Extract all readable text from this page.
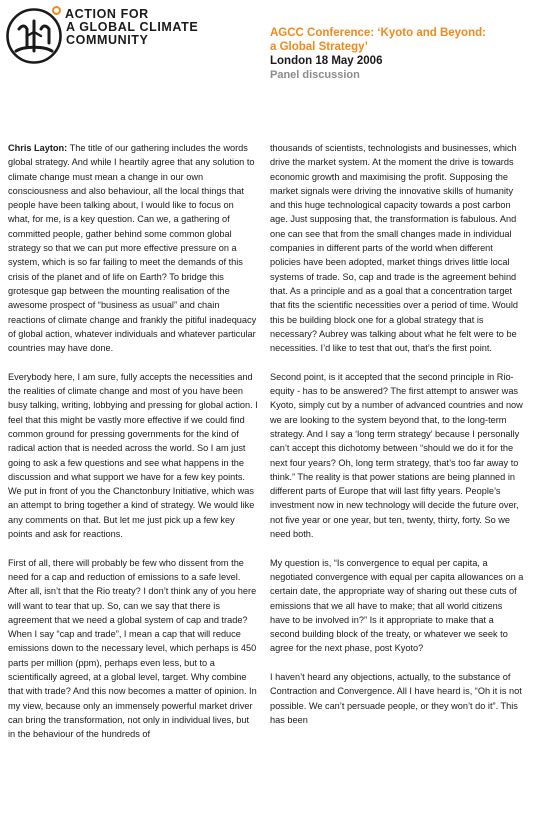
ACTION FOR
A GLOBAL CLIMATE
COMMUNITY	AGCC Conference: ‘Kyoto and Beyond:

a Global Strategy’

London 18 May 2006

Panel discussion

Chris Layton: The title of our gathering includes the words global strategy. And while I heartily agree that any solution to climate change must mean a change in our own consciousness and also behaviour, all the local things that people have been talking about, I would like to focus on what, for me, is a key question. Can we, a gathering of committed people, gather behind some common global strategy so that we can put more effective pressure on a system, which is so far failing to meet the demands of this crisis of the planet and of life on Earth? To bridge this grotesque gap between the mounting realisation of the awesome prospect of “business as usual” and chain reactions of climate change and frankly the pitiful inadequacy of global action, whatever individuals and whatever particular countries may have done.

Everybody here, I am sure, fully accepts the necessities and the realities of climate change and most of you have been busy talking, writing, lobbying and pressing for global action. I feel that this might be vastly more effective if we could find common ground for pressing governments for the kind of radical action that is needed across the world. So I am just going to ask a few questions and see what happens in the discussion and what support we have for a few key points. We put in front of you the Chanctonbury Initiative, which was an attempt to bring together a kind of strategy. We would like any comments on that. But let me just pick up a few key points and ask for reactions.

First of all, there will probably be few who dissent from the need for a cap and reduction of emissions to a safe level. After all, isn’t that the Rio treaty? I don’t think any of you here will want to tear that up. So, can we say that there is agreement that we need a global system of cap and trade? When I say “cap and trade”, I mean a cap that will reduce emissions down to the necessary level, which perhaps is 450 parts per million (ppm), perhaps even less, but to a scientifically agreed, at a global level, target. Why combine that with trade? And this now becomes a matter of opinion. In my view, because only an immensely powerful market driver can bring the transformation, not only in individual lives, but in the behaviour of the hundreds of

thousands of scientists, technologists and businesses, which drive the market system. At the moment the drive is towards economic growth and maximising the profit. Supposing the market signals were driving the innovative skills of humanity and this huge technological capacity towards a post carbon age. Just supposing that, the transformation is fabulous. And one can see that from the small changes made in individual companies in different parts of the world when different policies have been adopted, market things drives little local systems of trade. So, cap and trade is the agreement behind that. As a principle and as a goal that a concentration target that fits the scientific necessities over a period of time. Would this be building block one for a global strategy that is necessary? Aubrey was talking about what he felt were to be necessities. I’d like to test that out, that’s the first point.

Second point, is it accepted that the second principle in Rio- equity - has to be answered? The first attempt to answer was Kyoto, simply cut by a number of advanced countries and now we are looking to the system beyond that, to the long-term strategy. And I say a ‘long term strategy’ because I personally can’t accept this dichotomy between “should we do it for the next four years? Oh, long term strategy, that’s too far away to think.” The reality is that power stations are being planned in different parts of Europe that will last fifty years. People’s investment now in new technology will decide the future over, not five year or one year, but ten, twenty, thirty, forty. So we need both.

My question is, “Is convergence to equal per capita, a negotiated convergence with equal per capita allowances on a certain date, the appropriate way of sharing out these cuts of emissions that we all have to make; that all world citizens have to be involved in?” Is it appropriate to make that a second building block of the treaty, or whatever we seek to agree for the next phase, post Kyoto?

I haven’t heard any objections, actually, to the substance of Contraction and Convergence. All I have heard is, “Oh it is not possible. We can’t persuade people, or they won’t do it”. This has been
